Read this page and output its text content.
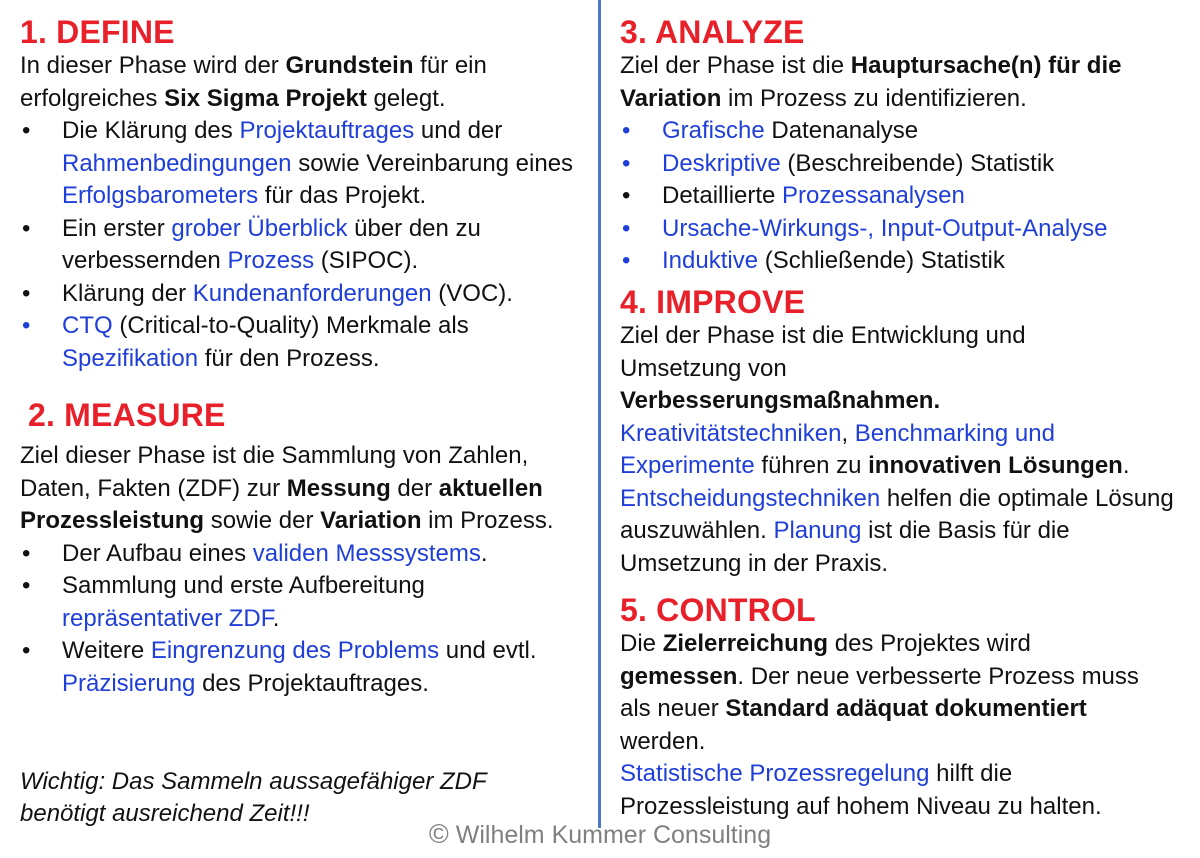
1. DEFINE

In dieser Phase wird der Grundstein für ein erfolgreiches Six Sigma Projekt gelegt.

• Die Klärung des Projektauftrages und der Rahmenbedingungen sowie Vereinbarung eines Erfolgsbarometers für das Projekt.
• Ein erster grober Überblick über den zu verbessernden Prozess (SIPOC).
• Klärung der Kundenanforderungen (VOC).
• CTQ (Critical-to-Quality) Merkmale als Spezifikation für den Prozess.
2. MEASURE

Ziel dieser Phase ist die Sammlung von Zahlen, Daten, Fakten (ZDF) zur Messung der aktuellen Prozessleistung sowie der Variation im Prozess.

• Der Aufbau eines validen Messsystems.
• Sammlung und erste Aufbereitung repräsentativer ZDF.
• Weitere Eingrenzung des Problems und evtl. Präzisierung des Projektauftrages.
Wichtig: Das Sammeln aussagefähiger ZDF
benötigt ausreichend Zeit!!!
3. ANALYZE

Ziel der Phase ist die Hauptursache(n) für die Variation im Prozess zu identifizieren.

• Grafische Datenanalyse
• Deskriptive (Beschreibende) Statistik
• Detaillierte Prozessanalysen
• Ursache-Wirkungs-, Input-Output-Analyse
• Induktive (Schließende) Statistik
4. IMPROVE

Ziel der Phase ist die Entwicklung und Umsetzung von Verbesserungsmaßnahmen.

Kreativitätstechniken, Benchmarking und Experimente führen zu innovativen Lösungen. Entscheidungstechniken helfen die optimale Lösung auszuwählen. Planung ist die Basis für die Umsetzung in der Praxis.

5. CONTROL

Die Zielerreichung des Projektes wird gemessen. Der neue verbesserte Prozess muss als neuer Standard adäquat dokumentiert werden.

Statistische Prozessregelung hilft die Prozessleistung auf hohem Niveau zu halten.

© Wilhelm Kummer Consulting
